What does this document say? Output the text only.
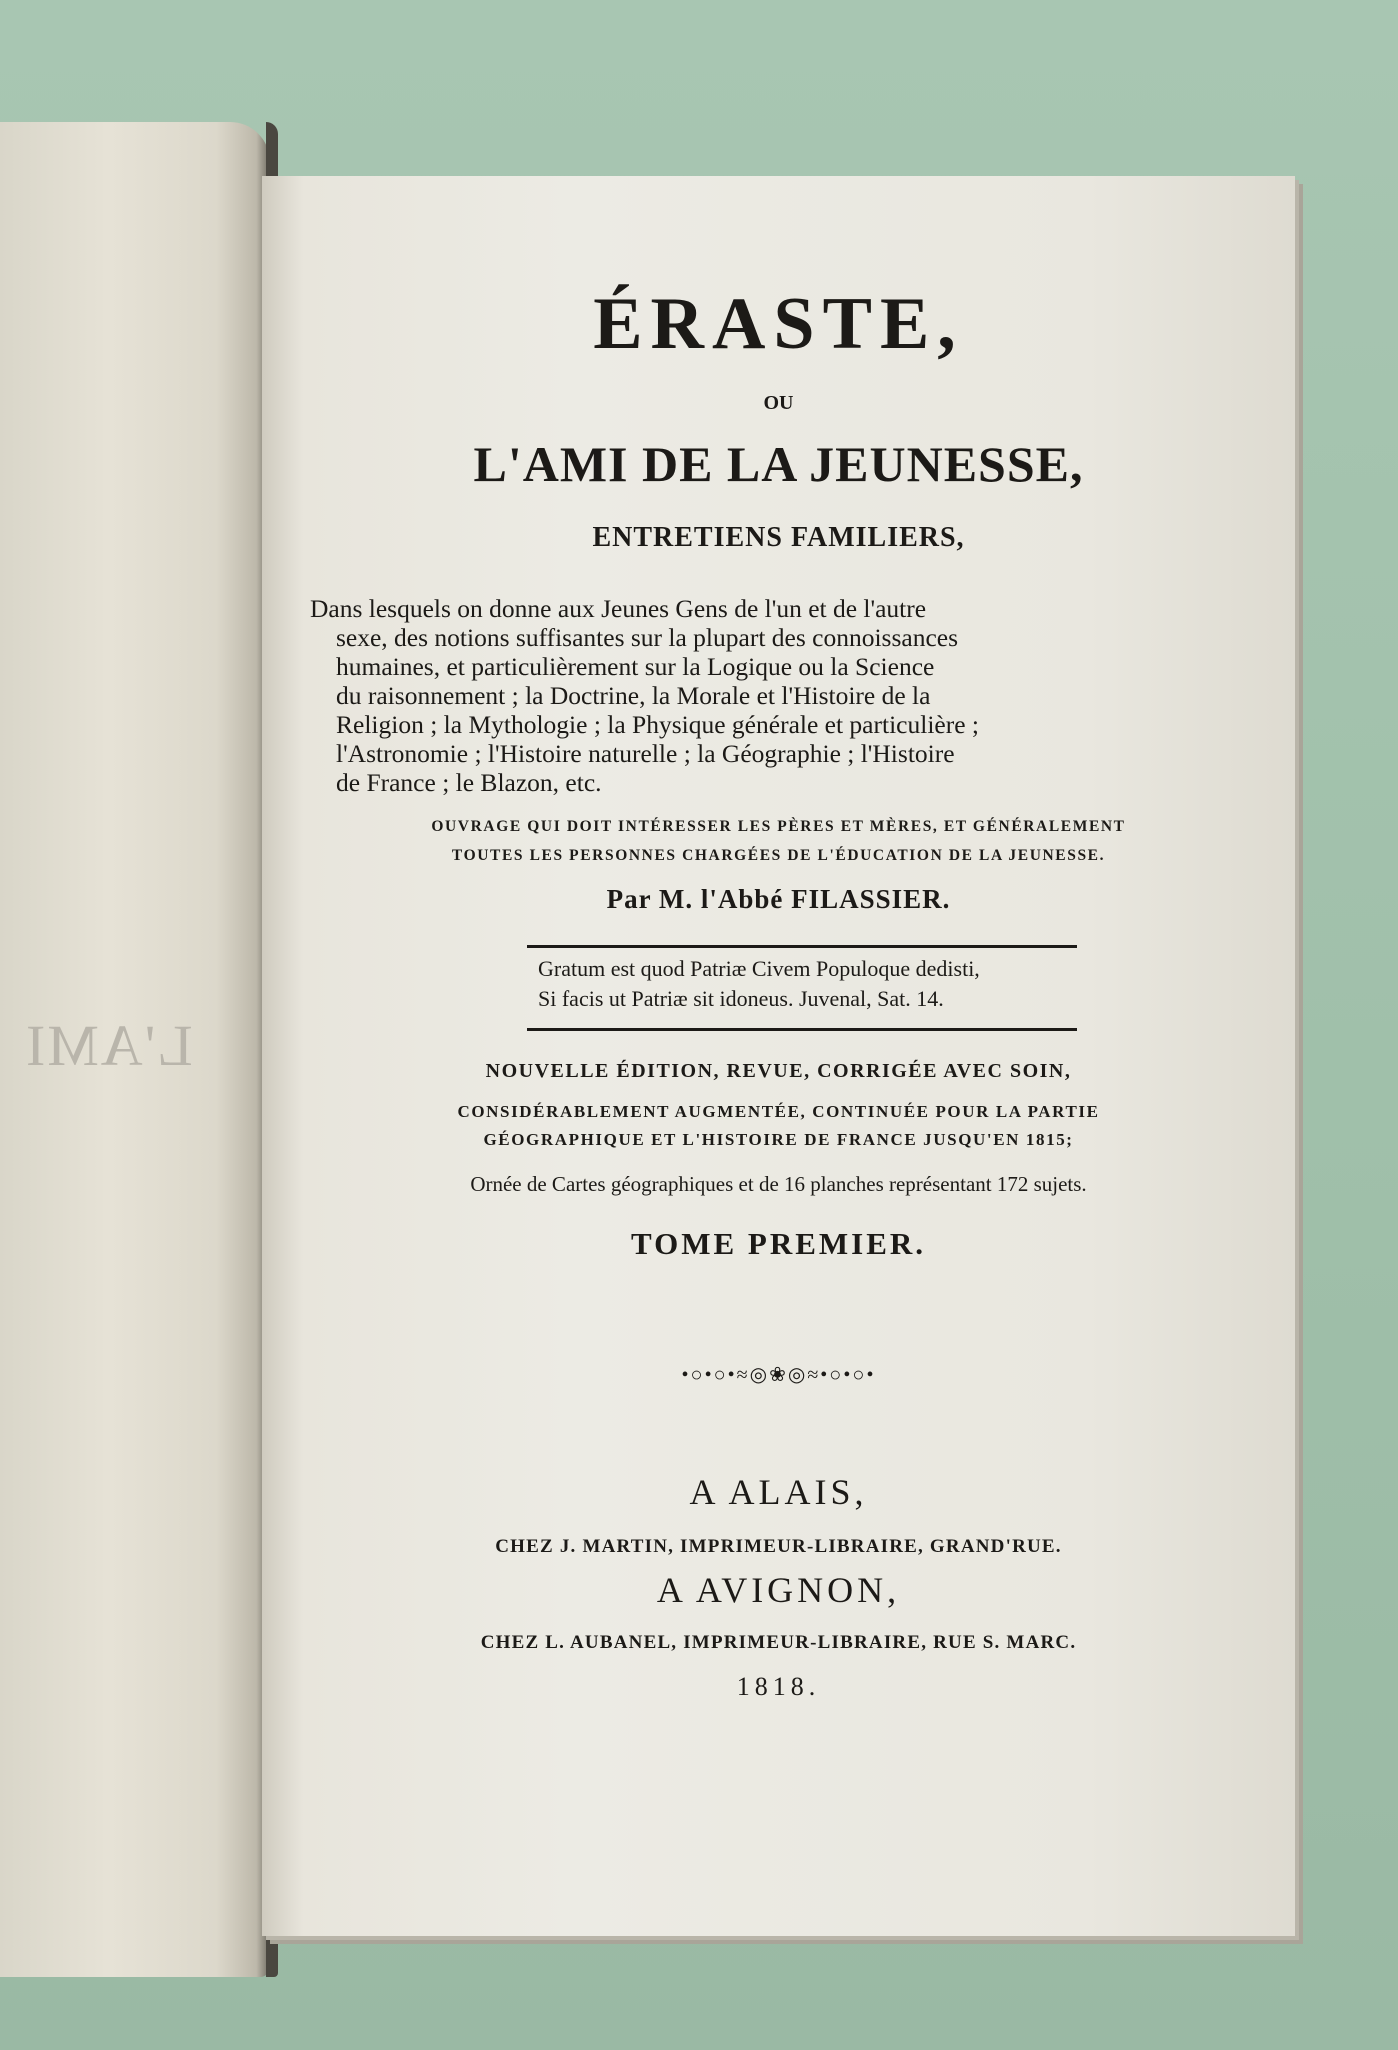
L'AMI
Dans lesquels on donne aux Jeunes Gens de l'un et de l'autre
sexe, des notions suffisantes sur la plupart des connoissances
humaines, et particulièrement sur la Logique ou la Science
du raisonnement ; la Doctrine, la Morale et l'Histoire de la
Religion ; la Mythologie ; la Physique générale et particulière ;
l'Astronomie ; l'Histoire naturelle ; la Géographie ; l'Histoire
de France ; le Blazon, etc.
ÉRASTE,
OU
L'AMI DE LA JEUNESSE,
ENTRETIENS FAMILIERS,
OUVRAGE QUI DOIT INTÉRESSER LES PÈRES ET MÈRES, ET GÉNÉRALEMENT
TOUTES LES PERSONNES CHARGÉES DE L'ÉDUCATION DE LA JEUNESSE.
Par M. l'Abbé FILASSIER.
NOUVELLE ÉDITION, REVUE, CORRIGÉE AVEC SOIN,
CONSIDÉRABLEMENT AUGMENTÉE, CONTINUÉE POUR LA PARTIE
GÉOGRAPHIQUE ET L'HISTOIRE DE FRANCE JUSQU'EN 1815;
Ornée de Cartes géographiques et de 16 planches représentant 172 sujets.
TOME PREMIER.
•○•○•≈◎❀◎≈•○•○•
A ALAIS,
CHEZ J. MARTIN, IMPRIMEUR-LIBRAIRE, GRAND'RUE.
A AVIGNON,
CHEZ L. AUBANEL, IMPRIMEUR-LIBRAIRE, RUE S. MARC.
1818.
Gratum est quod Patriæ Civem Populoque dedisti,
Si facis ut Patriæ sit idoneus. Juvenal, Sat. 14.
